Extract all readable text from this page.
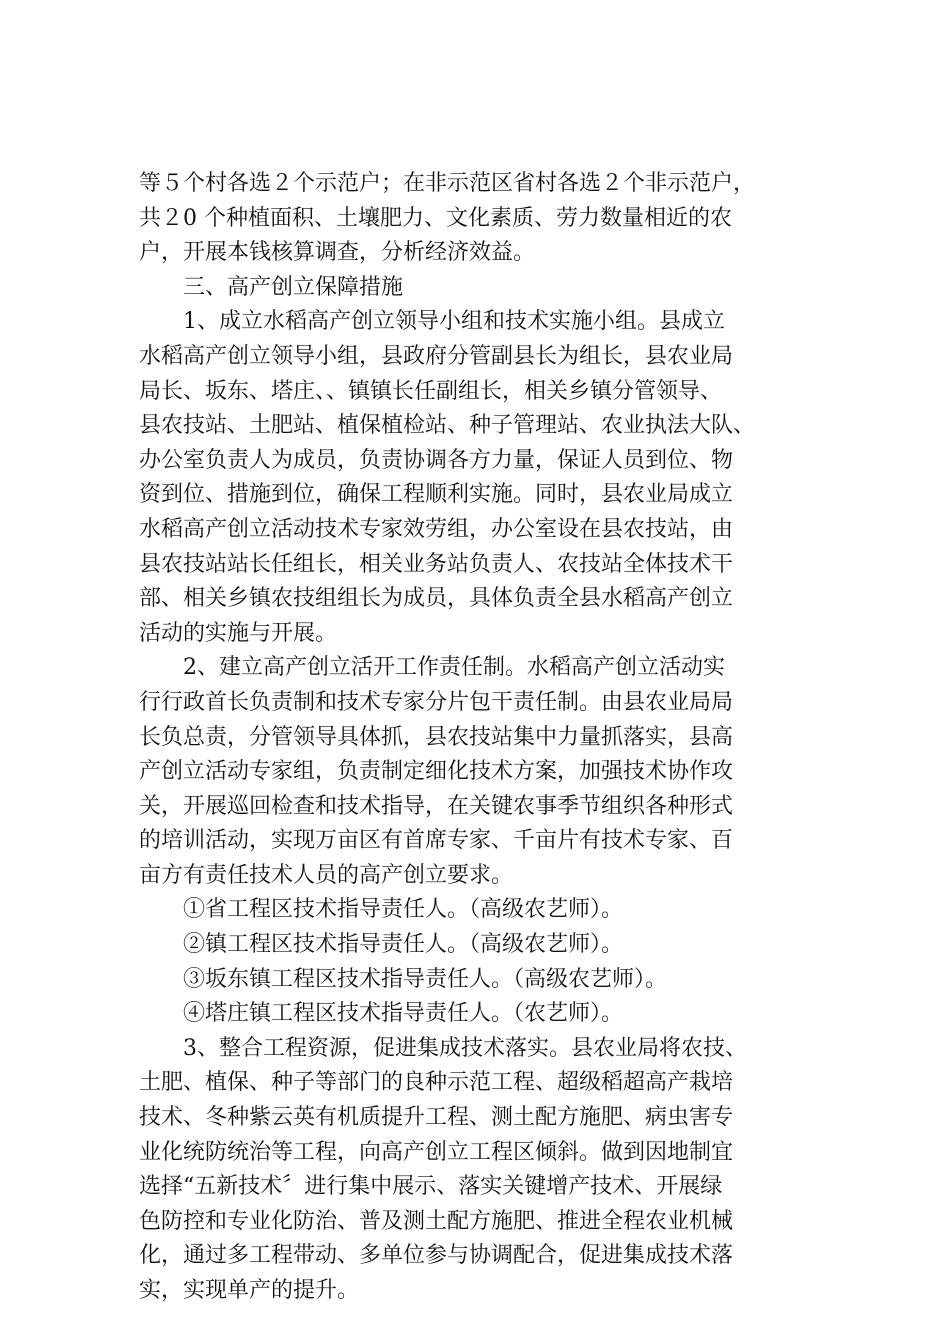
等５个村各选２个示范户；在非示范区省村各选２个非示范户，
共２0 个种植面积、土壤肥力、文化素质、劳力数量相近的农
户，开展本钱核算调查，分析经济效益。
三、高产创立保障措施
1、成立水稻高产创立领导小组和技术实施小组。县成立
水稻高产创立领导小组，县政府分管副县长为组长，县农业局
局长、坂东、塔庄、、镇镇长任副组长，相关乡镇分管领导、
县农技站、土肥站、植保植检站、种子管理站、农业执法大队、
办公室负责人为成员，负责协调各方力量，保证人员到位、物
资到位、措施到位，确保工程顺利实施。同时，县农业局成立
水稻高产创立活动技术专家效劳组，办公室设在县农技站，由
县农技站站长任组长，相关业务站负责人、农技站全体技术干
部、相关乡镇农技组组长为成员，具体负责全县水稻高产创立
活动的实施与开展。
2、建立高产创立活开工作责任制。水稻高产创立活动实
行行政首长负责制和技术专家分片包干责任制。由县农业局局
长负总责，分管领导具体抓，县农技站集中力量抓落实，县高
产创立活动专家组，负责制定细化技术方案，加强技术协作攻
关，开展巡回检查和技术指导，在关键农事季节组织各种形式
的培训活动，实现万亩区有首席专家、千亩片有技术专家、百
亩方有责任技术人员的高产创立要求。
①省工程区技术指导责任人。（高级农艺师）。
②镇工程区技术指导责任人。（高级农艺师）。
③坂东镇工程区技术指导责任人。（高级农艺师）。
④塔庄镇工程区技术指导责任人。（农艺师）。
3、整合工程资源，促进集成技术落实。县农业局将农技、
土肥、植保、种子等部门的良种示范工程、超级稻超高产栽培
技术、冬种紫云英有机质提升工程、测土配方施肥、病虫害专
业化统防统治等工程，向高产创立工程区倾斜。做到因地制宜
选择“五新技术〞进行集中展示、落实关键增产技术、开展绿
色防控和专业化防治、普及测土配方施肥、推进全程农业机械
化，通过多工程带动、多单位参与协调配合，促进集成技术落
实，实现单产的提升。
